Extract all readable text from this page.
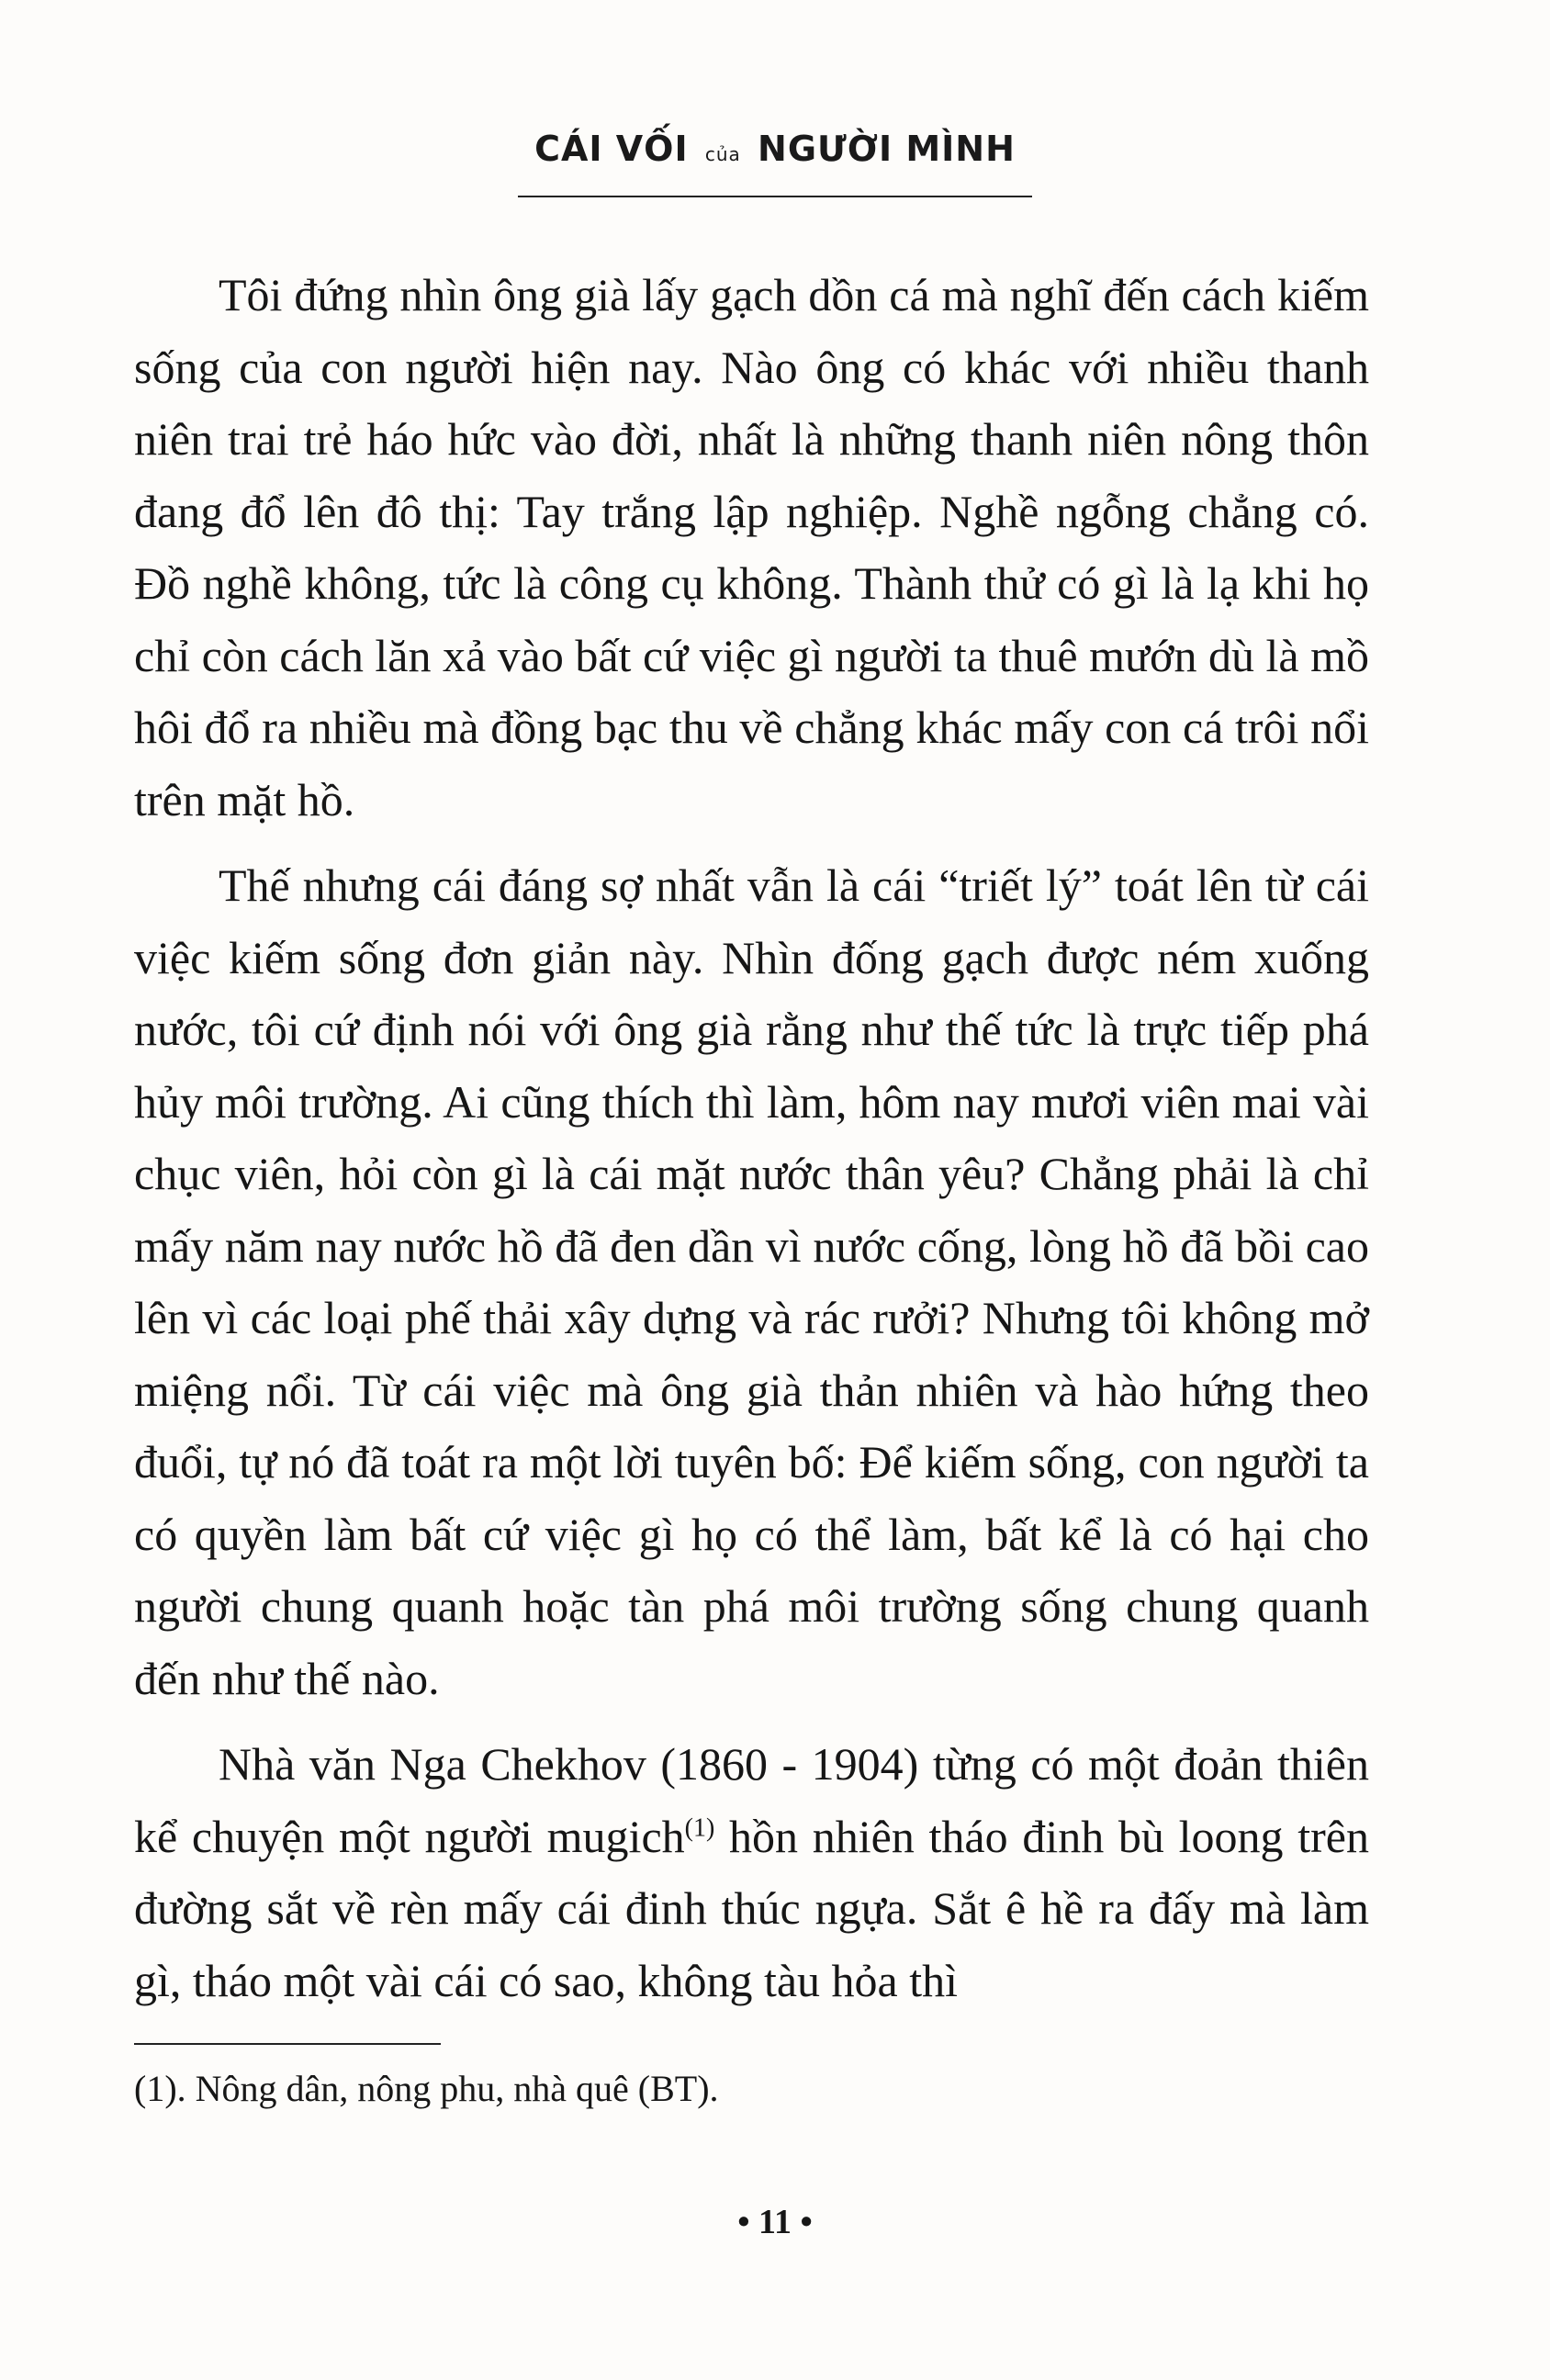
CÁI VỐI của NGƯỜI MÌNH

Tôi đứng nhìn ông già lấy gạch dồn cá mà nghĩ đến cách kiếm sống của con người hiện nay. Nào ông có khác với nhiều thanh niên trai trẻ háo hức vào đời, nhất là những thanh niên nông thôn đang đổ lên đô thị: Tay trắng lập nghiệp. Nghề ngỗng chẳng có. Đồ nghề không, tức là công cụ không. Thành thử có gì là lạ khi họ chỉ còn cách lăn xả vào bất cứ việc gì người ta thuê mướn dù là mồ hôi đổ ra nhiều mà đồng bạc thu về chẳng khác mấy con cá trôi nổi trên mặt hồ.

Thế nhưng cái đáng sợ nhất vẫn là cái “triết lý” toát lên từ cái việc kiếm sống đơn giản này. Nhìn đống gạch được ném xuống nước, tôi cứ định nói với ông già rằng như thế tức là trực tiếp phá hủy môi trường. Ai cũng thích thì làm, hôm nay mươi viên mai vài chục viên, hỏi còn gì là cái mặt nước thân yêu? Chẳng phải là chỉ mấy năm nay nước hồ đã đen dần vì nước cống, lòng hồ đã bồi cao lên vì các loại phế thải xây dựng và rác rưởi? Nhưng tôi không mở miệng nổi. Từ cái việc mà ông già thản nhiên và hào hứng theo đuổi, tự nó đã toát ra một lời tuyên bố: Để kiếm sống, con người ta có quyền làm bất cứ việc gì họ có thể làm, bất kể là có hại cho người chung quanh hoặc tàn phá môi trường sống chung quanh đến như thế nào.

Nhà văn Nga Chekhov (1860 - 1904) từng có một đoản thiên kể chuyện một người mugich$^{(1)}$ hồn nhiên tháo đinh bù loong trên đường sắt về rèn mấy cái đinh thúc ngựa. Sắt ê hề ra đấy mà làm gì, tháo một vài cái có sao, không tàu hỏa thì

(1). Nông dân, nông phu, nhà quê (BT).
• 11 •
